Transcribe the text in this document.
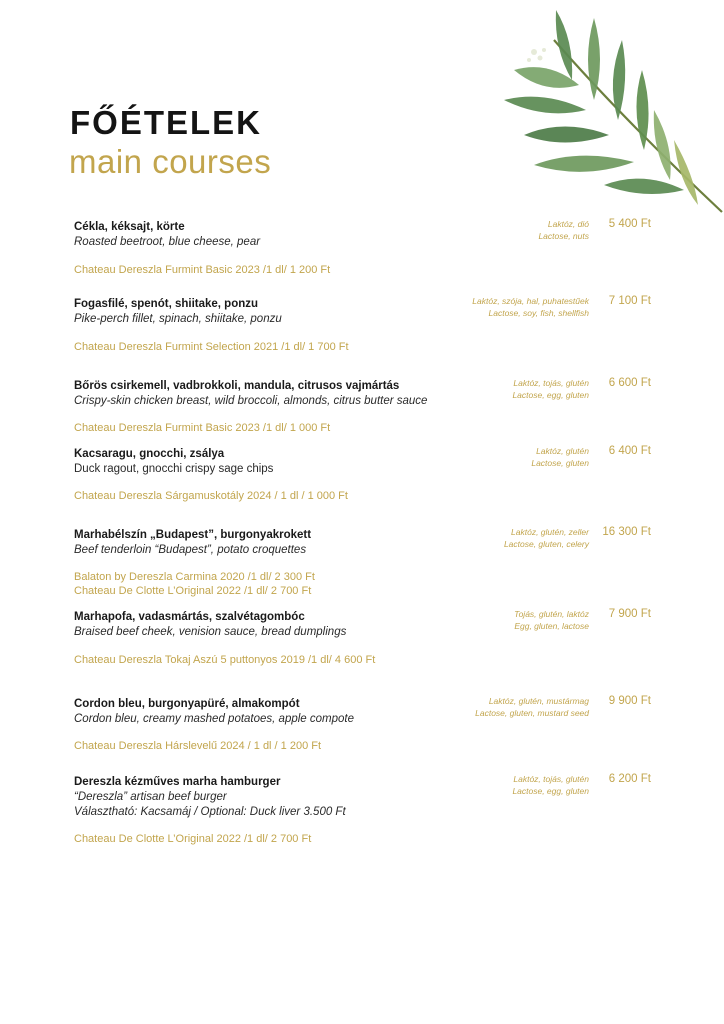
FŐÉTELEK
main courses
Cékla, kéksajt, körte
Roasted beetroot, blue cheese, pear
Laktóz, dió
Lactose, nuts
5 400 Ft
Chateau Dereszla Furmint Basic 2023 /1 dl/ 1 200 Ft
Fogasfilé, spenót, shiitake, ponzu
Pike-perch fillet, spinach, shiitake, ponzu
Laktóz, szója, hal, puhatestűek
Lactose, soy, fish, shellfish
7 100 Ft
Chateau Dereszla Furmint Selection 2021 /1 dl/ 1 700 Ft
Bőrös csirkemell, vadbrokkoli, mandula, citrusos vajmártás
Crispy-skin chicken breast, wild broccoli, almonds, citrus butter sauce
Laktóz, tojás, glutén
Lactose, egg, gluten
6 600 Ft
Chateau Dereszla Furmint Basic 2023 /1 dl/ 1 000 Ft
Kacsaragu, gnocchi, zsálya
Duck ragout, gnocchi crispy sage chips
Laktóz, glutén
Lactose, gluten
6 400 Ft
Chateau Dereszla Sárgamuskotály 2024 / 1 dl / 1 000 Ft
Marhabélszín „Budapest”, burgonyakrokett
Beef tenderloin “Budapest”, potato croquettes
Laktóz, glutén, zeller
Lactose, gluten, celery
16 300 Ft
Balaton by Dereszla Carmina 2020 /1 dl/ 2 300 Ft
Chateau De Clotte L’Original 2022 /1 dl/ 2 700 Ft
Marhapofa, vadasmártás, szalvétagombóc
Braised beef cheek, venision sauce, bread dumplings
Tojás, glutén, laktóz
Egg, gluten, lactose
7 900 Ft
Chateau Dereszla Tokaj Aszú 5 puttonyos 2019 /1 dl/ 4 600 Ft
Cordon bleu, burgonyapüré, almakompót
Cordon bleu, creamy mashed potatoes, apple compote
Laktóz, glutén, mustármag
Lactose, gluten, mustard seed
9 900 Ft
Chateau Dereszla Hárslevelű 2024 / 1 dl / 1 200 Ft
Dereszla kézműves marha hamburger
“Dereszla” artisan beef burger
Választható: Kacsamáj / Optional: Duck liver 3.500 Ft
Laktóz, tojás, glutén
Lactose, egg, gluten
6 200 Ft
Chateau De Clotte L’Original 2022 /1 dl/ 2 700 Ft
